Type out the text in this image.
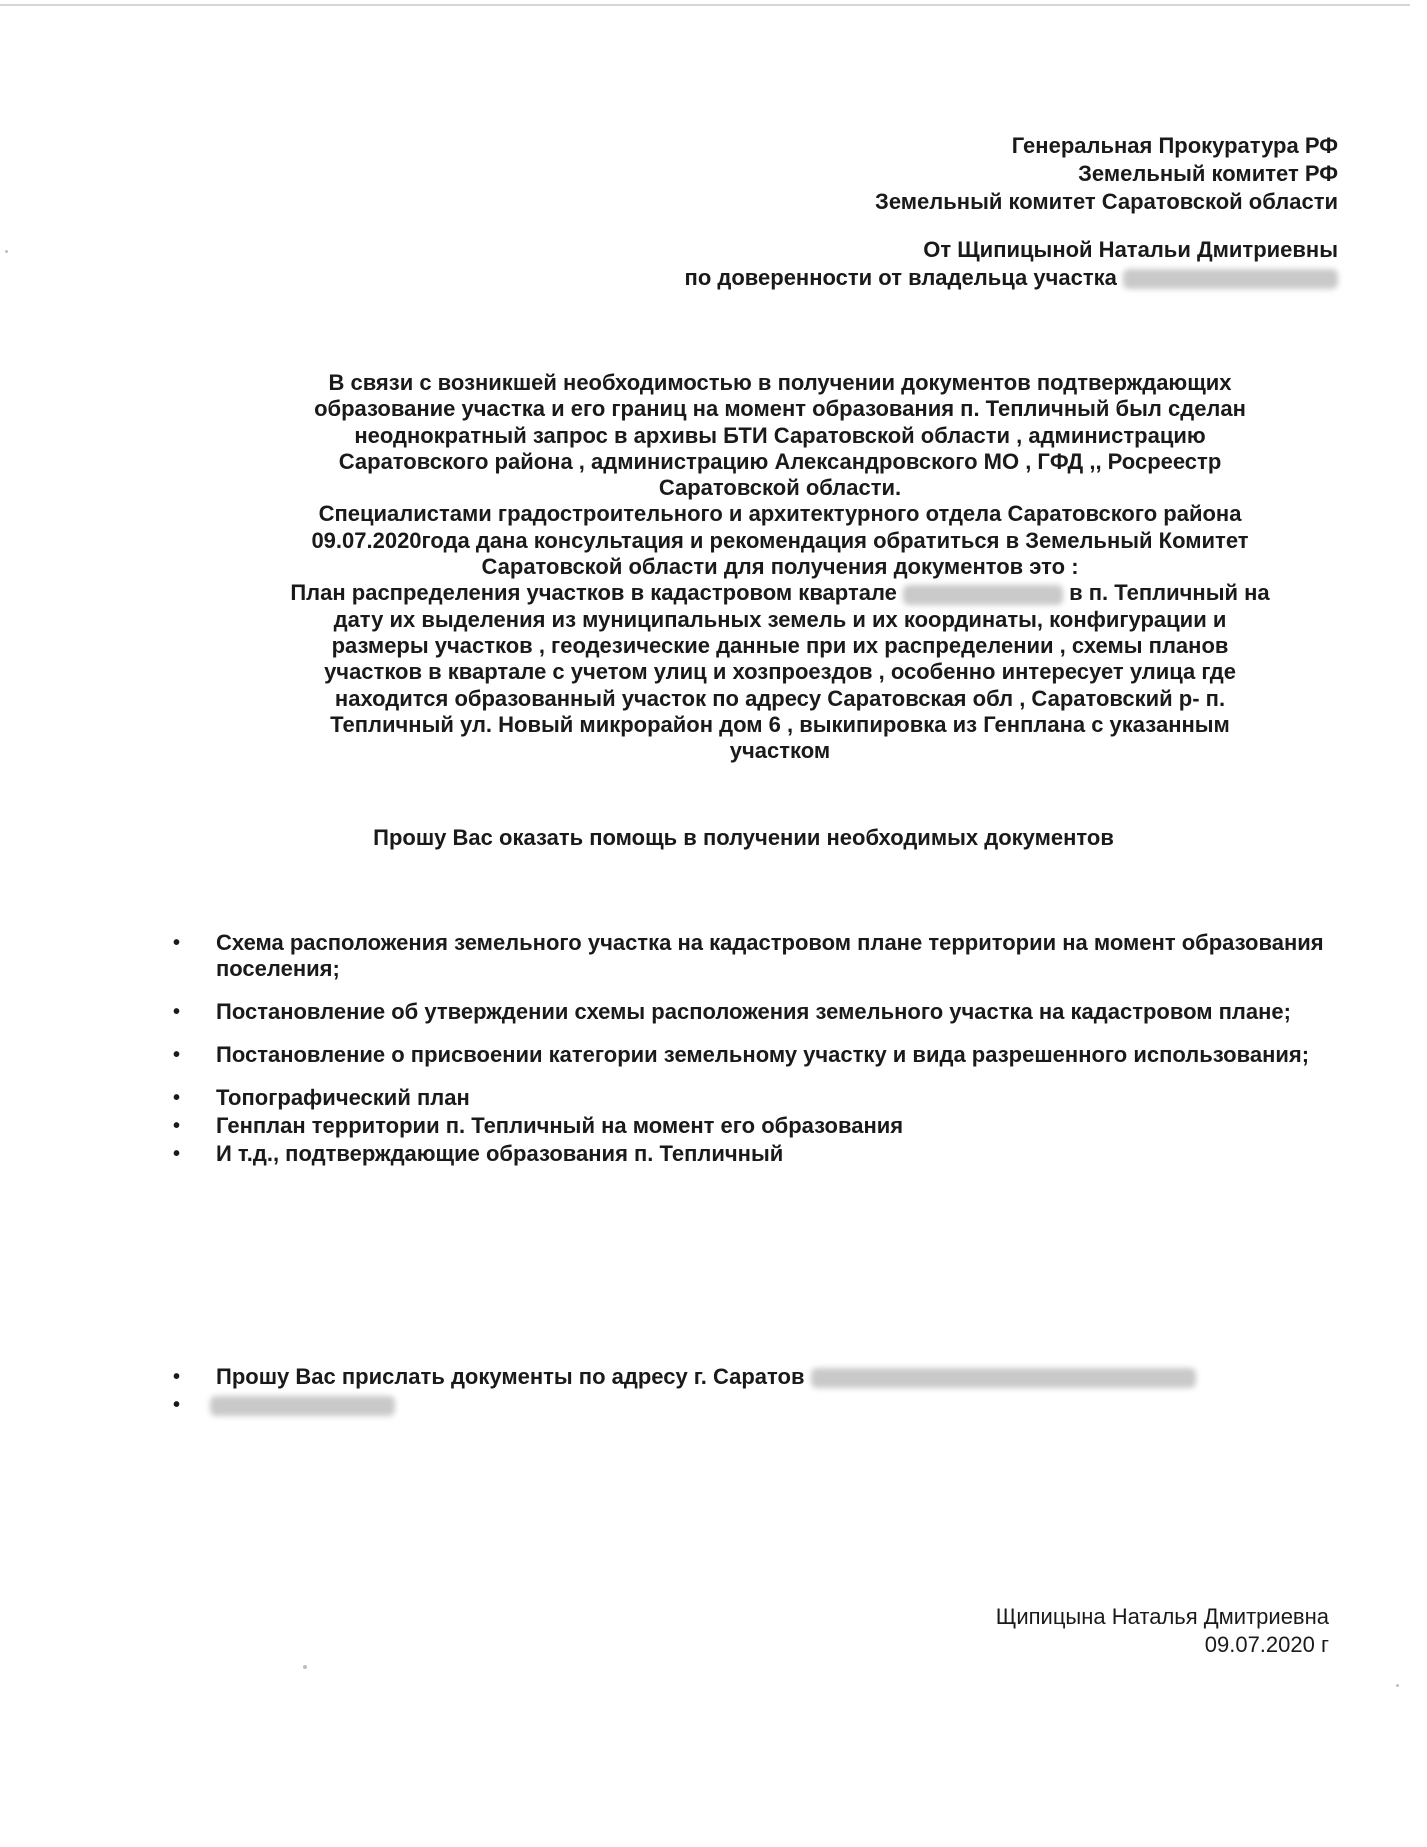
Генеральная Прокуратура РФ
Земельный комитет РФ
Земельный комитет Саратовской области
От Щипицыной Натальи Дмитриевны
по доверенности от владельца участка
В связи с возникшей необходимостью в получении документов подтверждающих
образование участка и его границ на момент образования п. Тепличный был сделан
неоднократный запрос в архивы БТИ Саратовской области , администрацию
Саратовского района , администрацию Александровского МО , ГФД ,, Росреестр
Саратовской области.
Специалистами градостроительного и архитектурного отдела Саратовского района
09.07.2020года дана консультация и рекомендация обратиться в Земельный Комитет
Саратовской области для получения документов это :
План распределения участков в кадастровом квартале	в п. Тепличный на
дату их выделения из муниципальных земель и их координаты, конфигурации и
размеры участков , геодезические данные при их распределении , схемы планов
участков в квартале с учетом улиц и хозпроездов , особенно интересует улица где
находится образованный участок по адресу Саратовская обл , Саратовский р- п.
Тепличный ул. Новый микрорайон дом 6 , выкипировка из Генплана с указанным
участком
Прошу Вас оказать помощь в получении необходимых документов
• Схема расположения земельного участка на кадастровом плане территории на момент образования поселения;
• Постановление об утверждении схемы расположения земельного участка на кадастровом плане;
• Постановление о присвоении категории земельному участку и вида разрешенного использования;
• Топографический план
• Генплан территории п. Тепличный на момент его образования
• И т.д., подтверждающие образования п. Тепличный
• Прошу Вас прислать документы по адресу г. Саратов
•
Щипицына Наталья Дмитриевна
09.07.2020 г
